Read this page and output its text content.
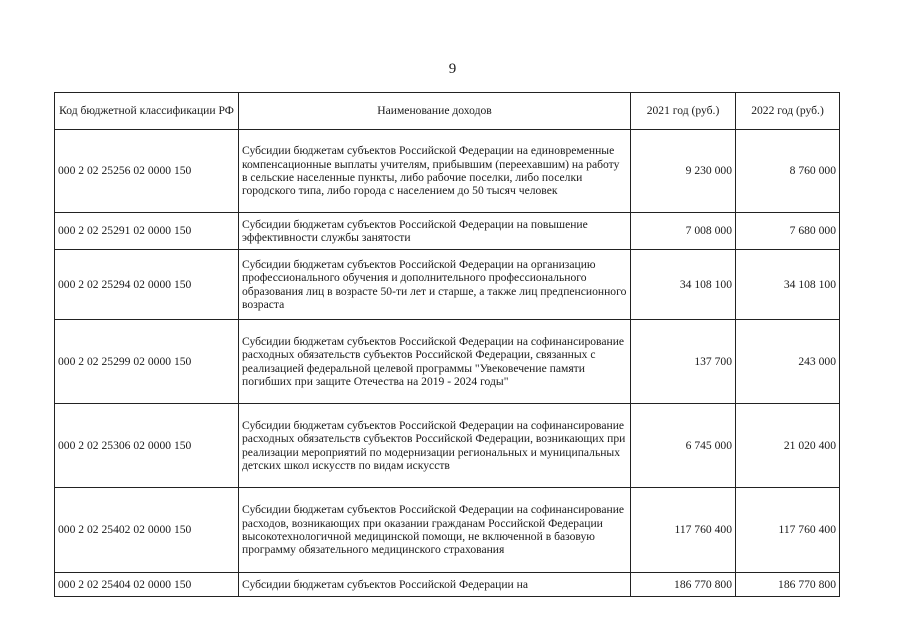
9
Код бюджетной классификации РФ	Наименование доходов	2021 год (руб.)	2022 год (руб.)
000 2 02 25256 02 0000 150	Субсидии бюджетам субъектов Российской Федерации на единовременные компенсационные выплаты учителям, прибывшим (переехавшим) на работу в сельские населенные пункты, либо рабочие поселки, либо поселки городского типа, либо города с населением до 50 тысяч человек	9 230 000	8 760 000
000 2 02 25291 02 0000 150	Субсидии бюджетам субъектов Российской Федерации на повышение эффективности службы занятости	7 008 000	7 680 000
000 2 02 25294 02 0000 150	Субсидии бюджетам субъектов Российской Федерации на организацию профессионального обучения и дополнительного профессионального образования лиц в возрасте 50-ти лет и старше, а также лиц предпенсионного возраста	34 108 100	34 108 100
000 2 02 25299 02 0000 150	Субсидии бюджетам субъектов Российской Федерации на софинансирование расходных обязательств субъектов Российской Федерации, связанных с реализацией федеральной целевой программы "Увековечение памяти погибших при защите Отечества на 2019 - 2024 годы"	137 700	243 000
000 2 02 25306 02 0000 150	Субсидии бюджетам субъектов Российской Федерации на софинансирование расходных обязательств субъектов Российской Федерации, возникающих при реализации мероприятий по модернизации региональных и муниципальных детских школ искусств по видам искусств	6 745 000	21 020 400
000 2 02 25402 02 0000 150	Субсидии бюджетам субъектов Российской Федерации на софинансирование расходов, возникающих при оказании гражданам Российской Федерации высокотехнологичной медицинской помощи, не включенной в базовую программу обязательного медицинского страхования	117 760 400	117 760 400
000 2 02 25404 02 0000 150	Субсидии бюджетам субъектов Российской Федерации на	186 770 800	186 770 800
